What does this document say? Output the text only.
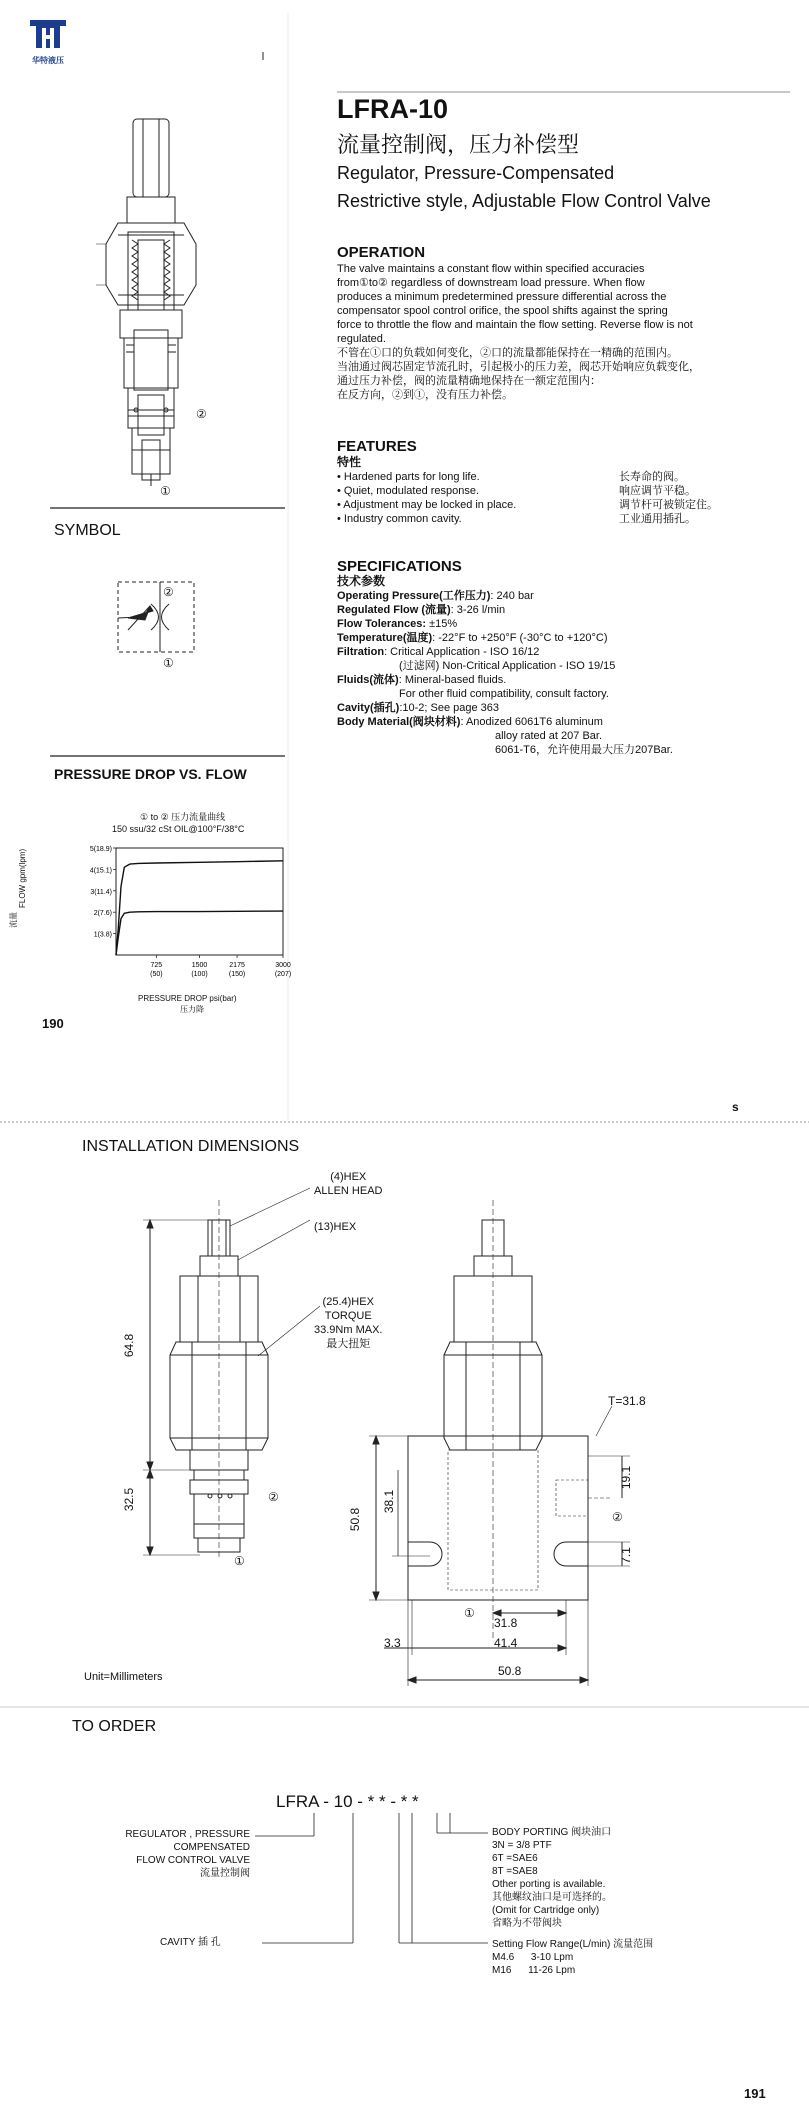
1(3.8)
2(7.6)
3(11.4)
4(15.1)
5(18.9)
725
(50)
1500
(100)
2175
(150)
3000
(207)
华特液压
LFRA-10
流量控制阀，压力补偿型
Regulator, Pressure-Compensated
Restrictive style, Adjustable Flow Control Valve
②
①
OPERATION
The valve maintains a constant flow within specified accuracies
from①to② regardless of downstream load pressure. When flow
produces a minimum predetermined pressure differential across the
compensator spool control orifice, the spool shifts against the spring
force to throttle the flow and maintain the flow setting. Reverse flow is not
regulated.
不管在①口的负载如何变化，②口的流量都能保持在一精确的范围内。
当油通过阀芯固定节流孔时，引起极小的压力差，阀芯开始响应负载变化，
通过压力补偿，阀的流量精确地保持在一额定范围内：
在反方向，②到①，没有压力补偿。
FEATURES
特性
• Hardened parts for long life.	长寿命的阀。
• Quiet, modulated response.	响应调节平稳。
• Adjustment may be locked in place.	调节杆可被锁定住。
• Industry common cavity.	工业通用插孔。
SPECIFICATIONS
技术参数
Operating Pressure(工作压力): 240 bar
Regulated Flow (流量): 3-26 l/min
Flow Tolerances: ±15%
Temperature(温度): -22°F to +250°F (-30°C to +120°C)
Filtration: Critical Application - ISO 16/12
(过滤网) Non-Critical Application - ISO 19/15
Fluids(流体): Mineral-based fluids.
For other fluid compatibility, consult factory.
Cavity(插孔):10-2; See page 363
Body Material(阀块材料): Anodized 6061T6 aluminum
alloy rated at 207 Bar.
6061-T6，允许使用最大压力207Bar.
SYMBOL
②
①
PRESSURE DROP VS. FLOW
① to ② 压力流量曲线
150 ssu/32 cSt OIL@100°F/38°C
FLOW gpm(lpm)
流量
PRESSURE DROP psi(bar)
压力降
190
s
INSTALLATION DIMENSIONS
(4)HEX
ALLEN HEAD
(13)HEX
(25.4)HEX
TORQUE
33.9Nm MAX.
最大扭矩
64.8
32.5
50.8
38.1
T=31.8
19.1
7.1
31.8
3.3	41.4
50.8
②
①
②
①
Unit=Millimeters
TO ORDER
LFRA - 10 - * * - * *
REGULATOR , PRESSURE
COMPENSATED
FLOW CONTROL VALVE
流量控制阀
CAVITY 插 孔
BODY PORTING 阀块油口
3N = 3/8 PTF
6T =SAE6
8T =SAE8
Other porting is available.
其他螺纹油口是可选择的。
(Omit for Cartridge only)
省略为不带阀块
Setting Flow Range(L/min) 流量范围
M4.6      3-10 Lpm
M16      11-26 Lpm
191
